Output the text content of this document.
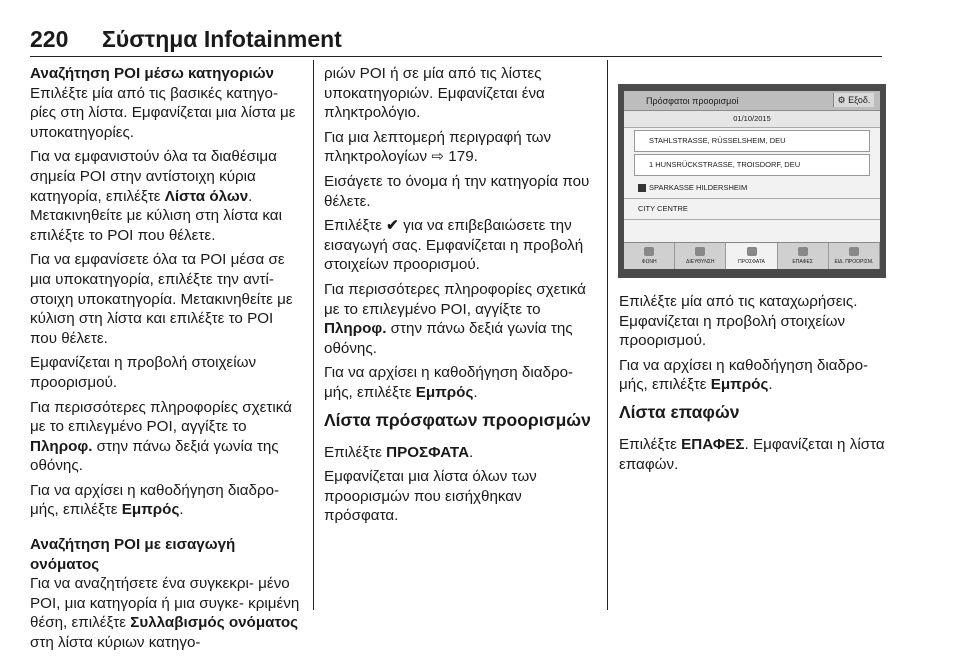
220 Σύστημα Infotainment
Αναζήτηση POI μέσω κατηγοριών

Επιλέξτε μία από τις βασικές κατηγο- ρίες στη λίστα. Εμφανίζεται μια λίστα με υποκατηγορίες.

Για να εμφανιστούν όλα τα διαθέσιμα σημεία POI στην αντίστοιχη κύρια κατηγορία, επιλέξτε Λίστα όλων. Μετακινηθείτε με κύλιση στη λίστα και επιλέξτε το POI που θέλετε.

Για να εμφανίσετε όλα τα POI μέσα σε μια υποκατηγορία, επιλέξτε την αντί- στοιχη υποκατηγορία. Μετακινηθείτε με κύλιση στη λίστα και επιλέξτε το POI που θέλετε.

Εμφανίζεται η προβολή στοιχείων προορισμού.

Για περισσότερες πληροφορίες σχετικά με το επιλεγμένο POI, αγγίξτε το Πληροφ. στην πάνω δεξιά γωνία της οθόνης.

Για να αρχίσει η καθοδήγηση διαδρο- μής, επιλέξτε Εμπρός.

Αναζήτηση POI με εισαγωγή ονόματος

Για να αναζητήσετε ένα συγκεκρι- μένο POI, μια κατηγορία ή μια συγκε- κριμένη θέση, επιλέξτε Συλλαβισμός ονόματος στη λίστα κύριων κατηγο-

ριών POI ή σε μία από τις λίστες υποκατηγοριών. Εμφανίζεται ένα πληκτρολόγιο.

Για μια λεπτομερή περιγραφή των πληκτρολογίων ⇨ 179.

Εισάγετε το όνομα ή την κατηγορία που θέλετε.

Επιλέξτε ✔ για να επιβεβαιώσετε την εισαγωγή σας. Εμφανίζεται η προβολή στοιχείων προορισμού.

Για περισσότερες πληροφορίες σχετικά με το επιλεγμένο POI, αγγίξτε το Πληροφ. στην πάνω δεξιά γωνία της οθόνης.

Για να αρχίσει η καθοδήγηση διαδρο- μής, επιλέξτε Εμπρός.

Λίστα πρόσφατων προορισμών

Επιλέξτε ΠΡΟΣΦΑΤΑ.

Εμφανίζεται μια λίστα όλων των προορισμών που εισήχθηκαν πρόσφατα.

Πρόσφατοι προορισμοί	⚙ Εξοδ.
01/10/2015
STAHLSTRASSE, RÜSSELSHEIM, DEU
1 HUNSRÜCKSTRASSE, TROISDORF, DEU
SPARKASSE HILDERSHEIM
CITY CENTRE
ΦΩΝΗ	ΔΙΕΥΘΥΝΣΗ	ΠΡΟΣΦΑΤΑ	ΕΠΑΦΕΣ	ΕΙΔ. ΠΡΟΟΡΙΣΜ.

Επιλέξτε μία από τις καταχωρήσεις. Εμφανίζεται η προβολή στοιχείων προορισμού.

Για να αρχίσει η καθοδήγηση διαδρο- μής, επιλέξτε Εμπρός.

Λίστα επαφών

Επιλέξτε ΕΠΑΦΕΣ. Εμφανίζεται η λίστα επαφών.
